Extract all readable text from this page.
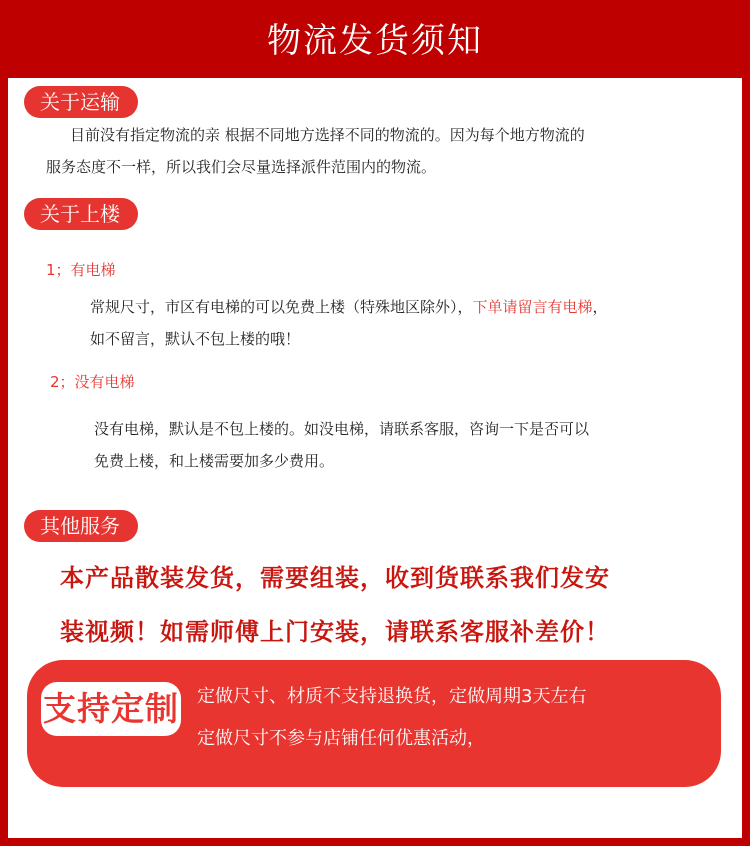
物流发货须知
关于运输
目前没有指定物流的亲 根据不同地方选择不同的物流的。因为每个地方物流的
服务态度不一样，所以我们会尽量选择派件范围内的物流。
关于上楼
1；有电梯
常规尺寸，市区有电梯的可以免费上楼（特殊地区除外），下单请留言有电梯，
如不留言，默认不包上楼的哦！
2；没有电梯
没有电梯，默认是不包上楼的。如没电梯，请联系客服，咨询一下是否可以
免费上楼，和上楼需要加多少费用。
其他服务
本产品散装发货，需要组装，收到货联系我们发安
装视频！如需师傅上门安装，请联系客服补差价！
支持定制 定做尺寸、材质不支持退换货，定做周期3天左右
定做尺寸不参与店铺任何优惠活动，
